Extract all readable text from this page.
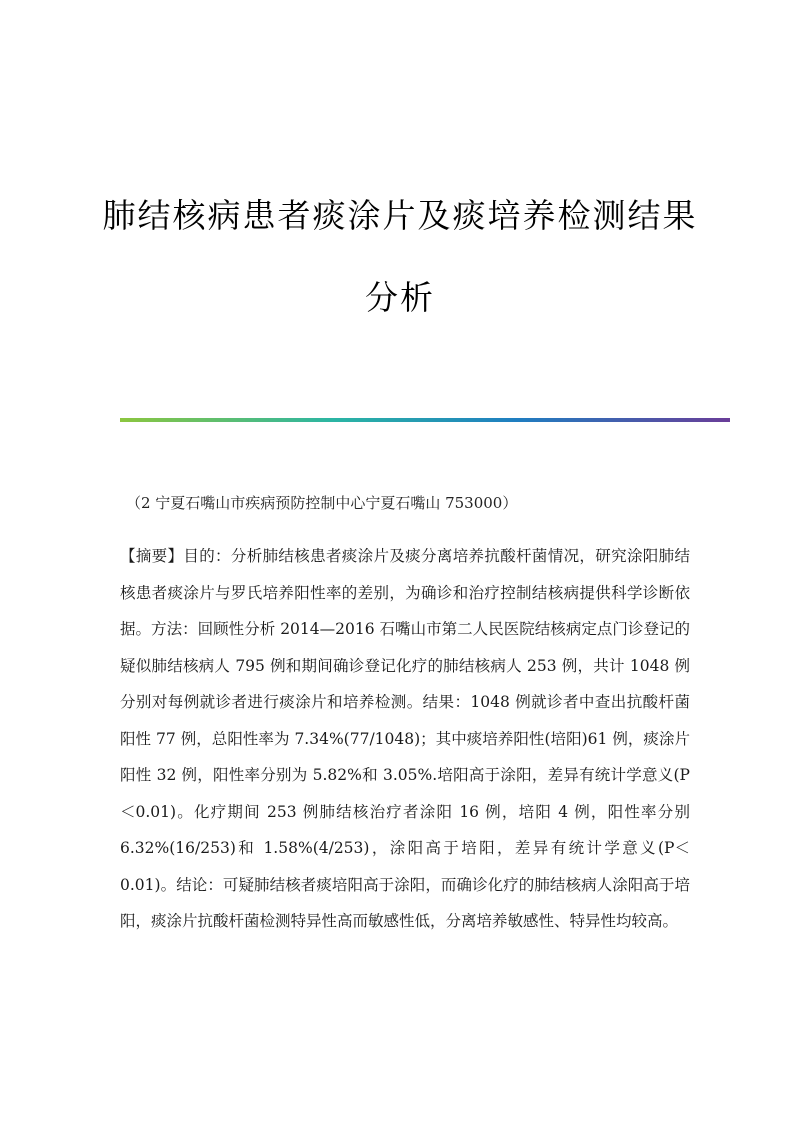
肺结核病患者痰涂片及痰培养检测结果
分析
（2 宁夏石嘴山市疾病预防控制中心宁夏石嘴山 753000）

【摘要】目的：分析肺结核患者痰涂片及痰分离培养抗酸杆菌情况，研究涂阳肺结核患者痰涂片与罗氏培养阳性率的差别，为确诊和治疗控制结核病提供科学诊断依据。方法：回顾性分析 2014—2016 石嘴山市第二人民医院结核病定点门诊登记的疑似肺结核病人 795 例和期间确诊登记化疗的肺结核病人 253 例，共计 1048 例分别对每例就诊者进行痰涂片和培养检测。结果：1048 例就诊者中查出抗酸杆菌阳性 77 例，总阳性率为 7.34%(77/1048)；其中痰培养阳性(培阳)61 例，痰涂片阳性 32 例，阳性率分别为 5.82%和 3.05%.培阳高于涂阳，差异有统计学意义(P＜0.01)。化疗期间 253 例肺结核治疗者涂阳 16 例，培阳 4 例，阳性率分别 6.32%(16/253)和 1.58%(4/253)，涂阳高于培阳，差异有统计学意义(P＜0.01)。结论：可疑肺结核者痰培阳高于涂阳，而确诊化疗的肺结核病人涂阳高于培阳，痰涂片抗酸杆菌检测特异性高而敏感性低，分离培养敏感性、特异性均较高。
